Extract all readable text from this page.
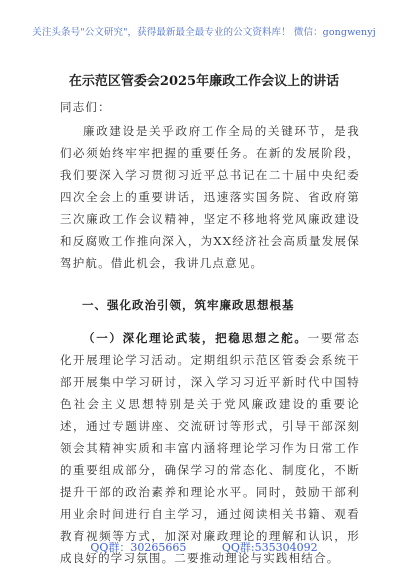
关注头条号"公文研究"，获得最新最全最专业的公文资料库！ 微信：gongwenyj
在示范区管委会2025年廉政工作会议上的讲话
同志们：
廉政建设是关乎政府工作全局的关键环节，是我们必须始终牢牢把握的重要任务。在新的发展阶段，我们要深入学习贯彻习近平总书记在二十届中央纪委四次全会上的重要讲话，迅速落实国务院、省政府第三次廉政工作会议精神，坚定不移地将党风廉政建设和反腐败工作推向深入，为XX经济社会高质量发展保驾护航。借此机会，我讲几点意见。
一、强化政治引领，筑牢廉政思想根基
（一）深化理论武装，把稳思想之舵。一要常态化开展理论学习活动。定期组织示范区管委会系统干部开展集中学习研讨，深入学习习近平新时代中国特色社会主义思想特别是关于党风廉政建设的重要论述，通过专题讲座、交流研讨等形式，引导干部深刻领会其精神实质和丰富内涵将理论学习作为日常工作的重要组成部分，确保学习的常态化、制度化，不断提升干部的政治素养和理论水平。同时，鼓励干部利用业余时间进行自主学习，通过阅读相关书籍、观看教育视频等方式，加深对廉政理论的理解和认识，形成良好的学习氛围。二要推动理论与实践相结合。
QQ群：30265665	QQ群:535304092
